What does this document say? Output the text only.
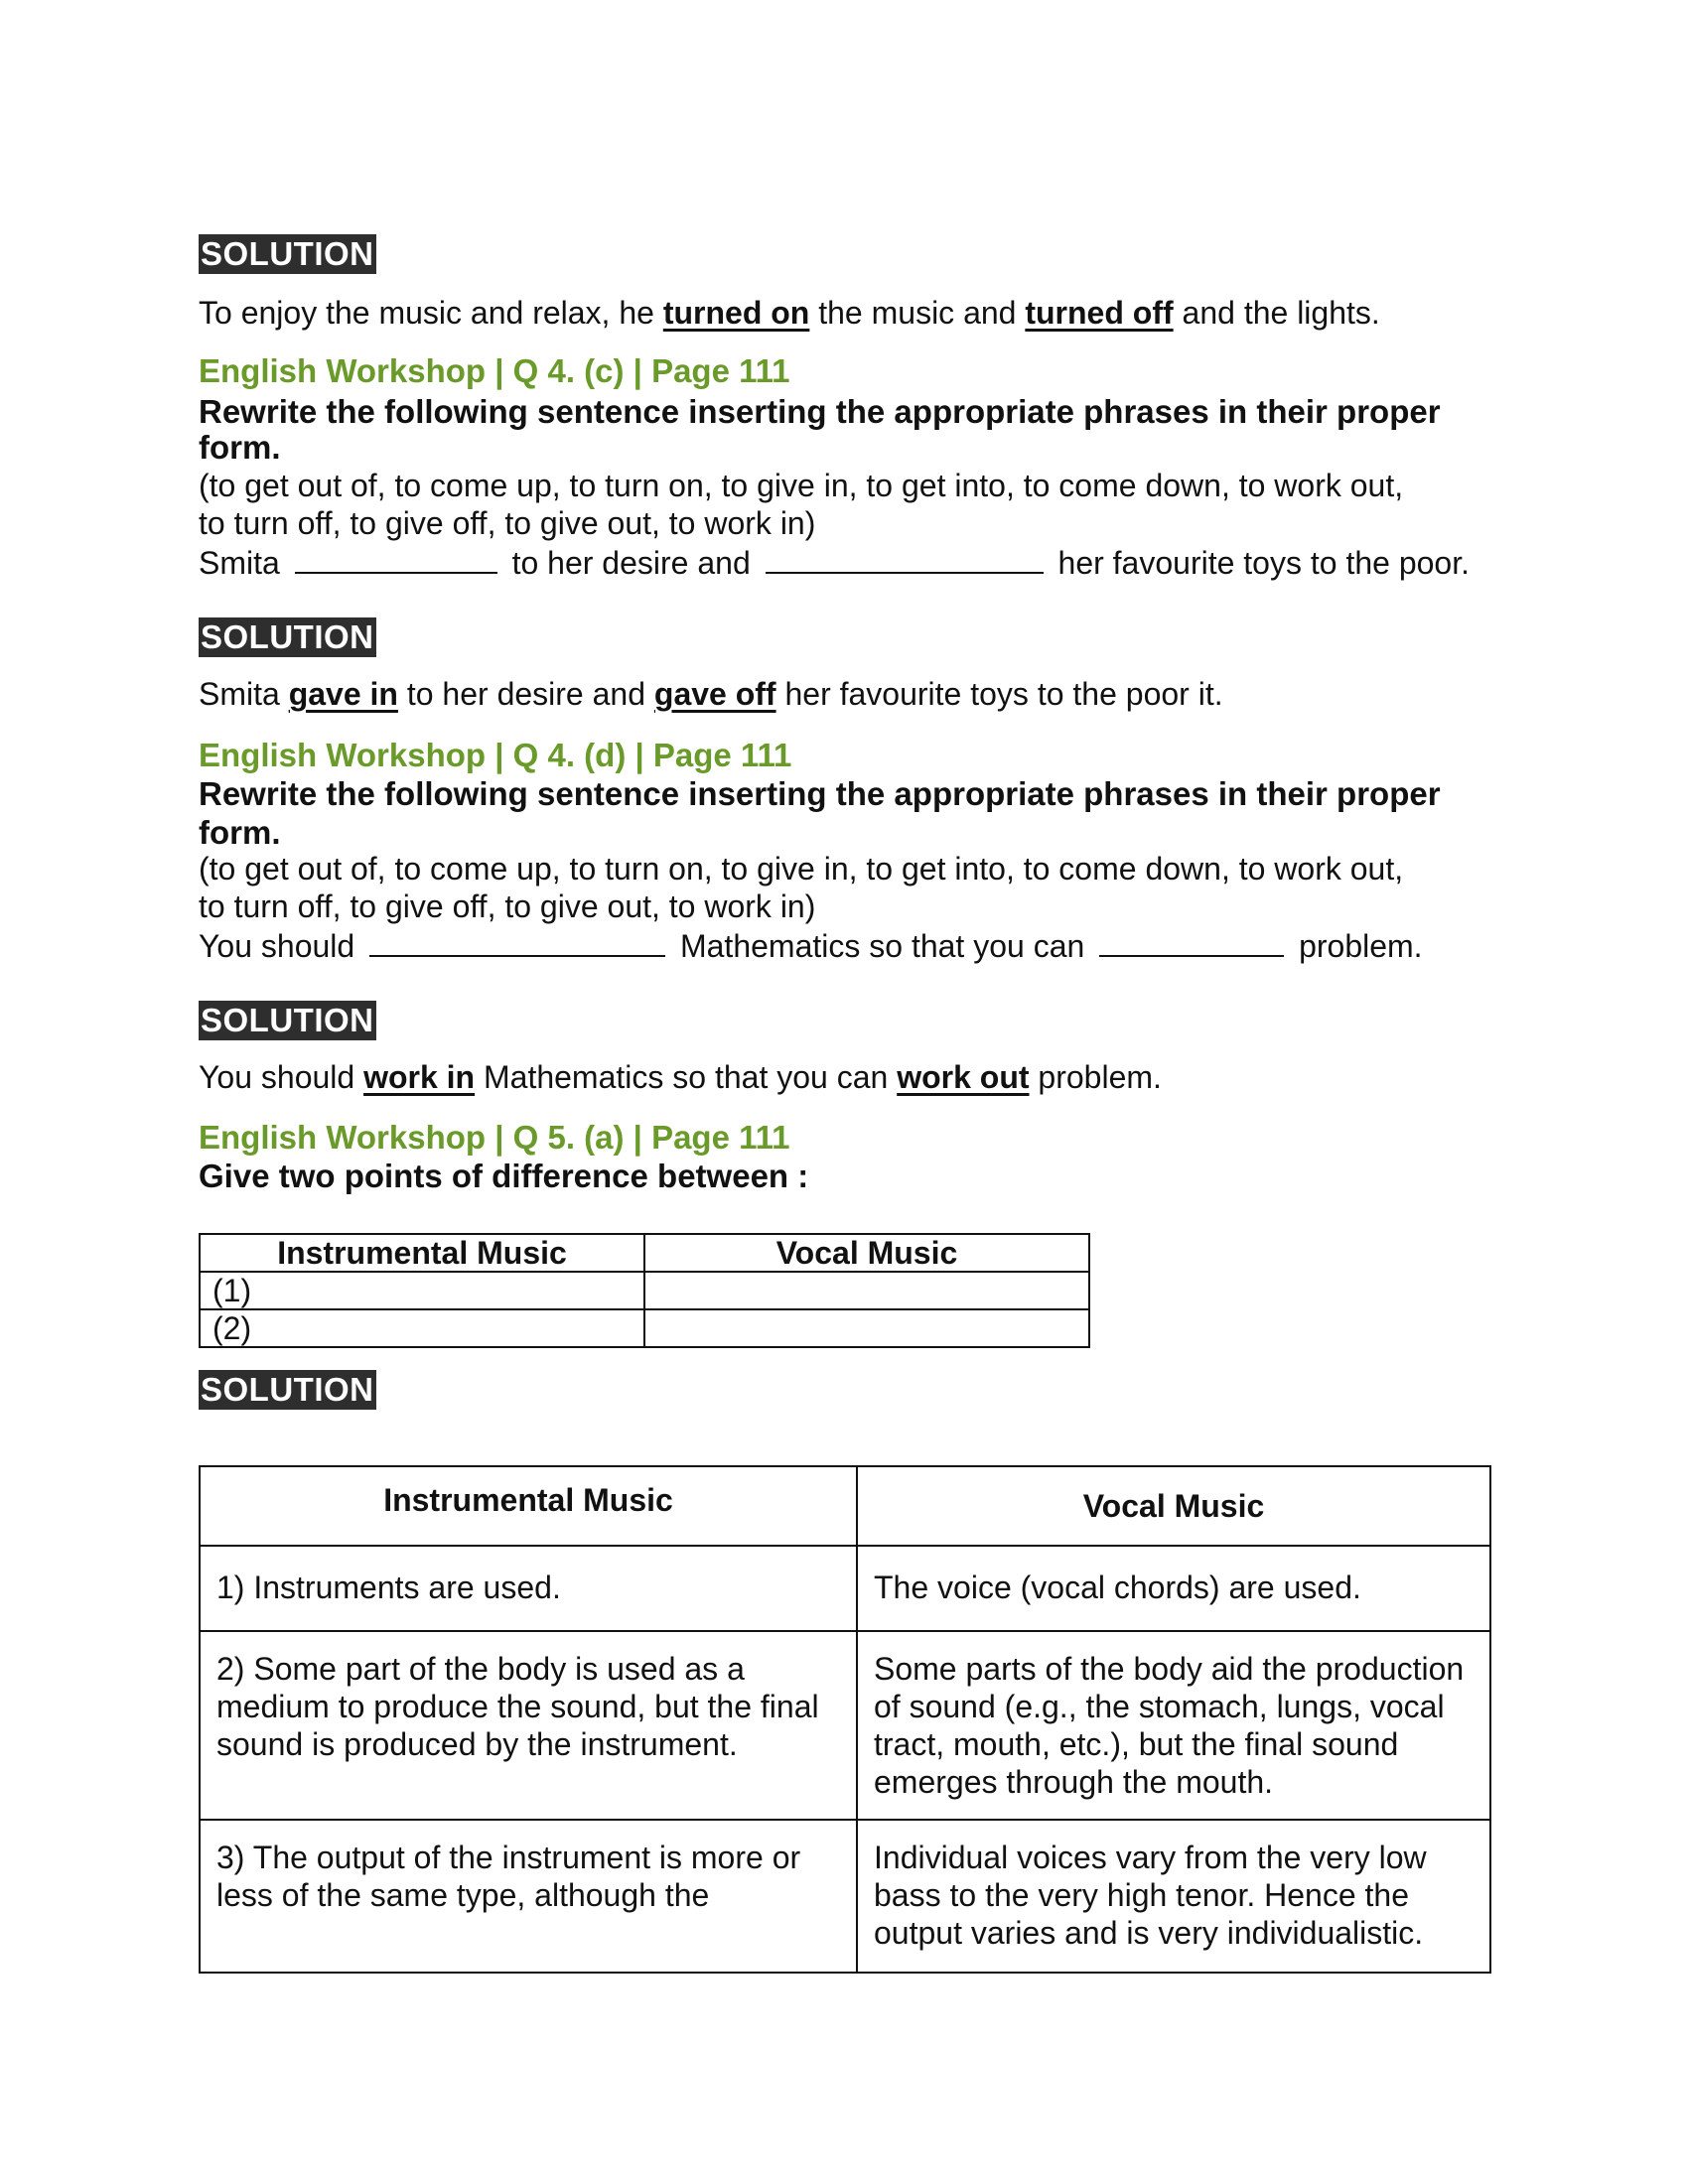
SOLUTION
To enjoy the music and relax, he turned on the music and turned off and the lights.
English Workshop | Q 4. (c) | Page 111
Rewrite the following sentence inserting the appropriate phrases in their proper
form.
(to get out of, to come up, to turn on, to give in, to get into, to come down, to work out,
to turn off, to give off, to give out, to work in)
Smita	to her desire and	her favourite toys to the poor.
SOLUTION
Smita gave in to her desire and gave off her favourite toys to the poor it.
English Workshop | Q 4. (d) | Page 111
Rewrite the following sentence inserting the appropriate phrases in their proper
form.
(to get out of, to come up, to turn on, to give in, to get into, to come down, to work out,
to turn off, to give off, to give out, to work in)
You should	Mathematics so that you can	problem.
SOLUTION
You should work in Mathematics so that you can work out problem.
English Workshop | Q 5. (a) | Page 111
Give two points of difference between :
Instrumental Music	Vocal Music
(1)	
(2)	
SOLUTION
Instrumental Music	Vocal Music
1) Instruments are used.	The voice (vocal chords) are used.
2) Some part of the body is used as a medium to produce the sound, but the final sound is produced by the instrument.	Some parts of the body aid the production of sound (e.g., the stomach, lungs, vocal tract, mouth, etc.), but the final sound emerges through the mouth.
3) The output of the instrument is more or less of the same type, although the	Individual voices vary from the very low bass to the very high tenor. Hence the output varies and is very individualistic.
